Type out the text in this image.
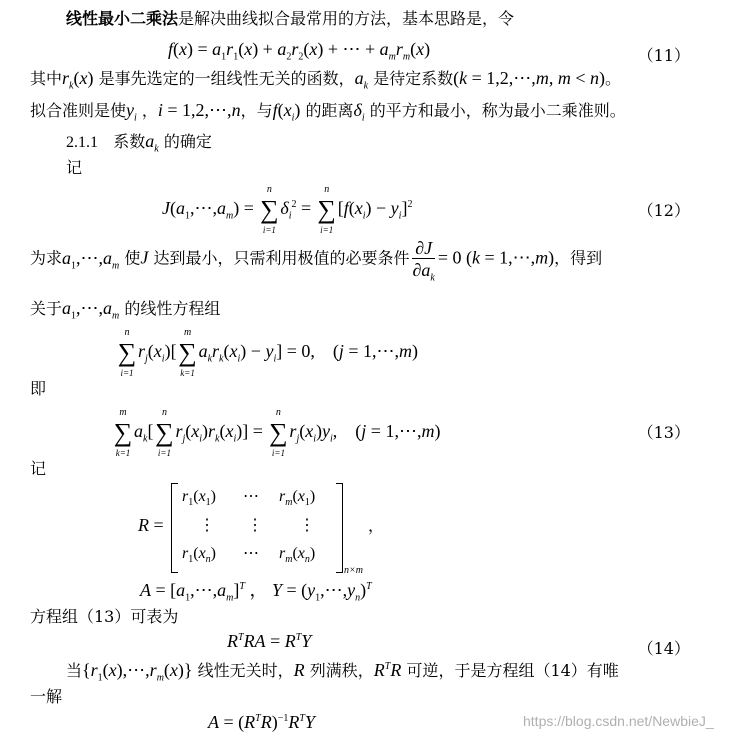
线性最小二乘法是解决曲线拟合最常用的方法，基本思路是，令
$f(x) = a_1r_1(x) + a_2r_2(x)$ + ⋯ + $a_mr_m(x)$	（11）
其中$r_k(x)$ 是事先选定的一组线性无关的函数，$a_k$ 是待定系数(k = 1,2,⋯,m, m < n)。
拟合准则是使$y_i$ ，i = 1,2,⋯,n，与$f(x_i)$ 的距离$\delta_i$ 的平方和最小，称为最小二乘准则。
2.1.1 系数$a_k$ 的确定
记
$J(a_1,\cdots,a_m)$ =
n
∑
i=1
$\delta_i^2$ =
n
∑
i=1
$[f(x_i) - y_i]^2$	（12）
为求$a_1,\cdots,a_m$ 使J 达到最小，只需利用极值的必要条件 $\frac{\partial J}{\partial a_k} = 0$ (k = 1,⋯,m)，得到
关于$a_1,\cdots,a_m$ 的线性方程组
n
∑
i=1
$r_j(x_i)$[
m
∑
k=1
$a_kr_k(x_i) - y_i] = 0$,    (j = 1,⋯,m)
即
m
∑
k=1
$a_k$[
n
∑
i=1
$r_j(x_i)r_k(x_i)$] =
n
∑
i=1
$r_j(x_i)y_i$,    (j = 1,⋯,m)	（13）
记
R =
$r_1(x_1)$ ⋯ $r_m(x_1)$
⋮ ⋮ ⋮
$r_1(x_n)$ ⋯ $r_m(x_n)$
n×m
，
$A = [a_1,\cdots,a_m]^T$ ， $Y = (y_1,\cdots,y_n)^T$
方程组（13）可表为
$R^TRA = R^TY$	（14）
当$\{r_1(x),\cdots,r_m(x)\}$ 线性无关时，R 列满秩，$R^TR$ 可逆，于是方程组（14）有唯
一解
$A = (R^TR)^{-1}R^TY$	https://blog.csdn.net/NewbieJ_
